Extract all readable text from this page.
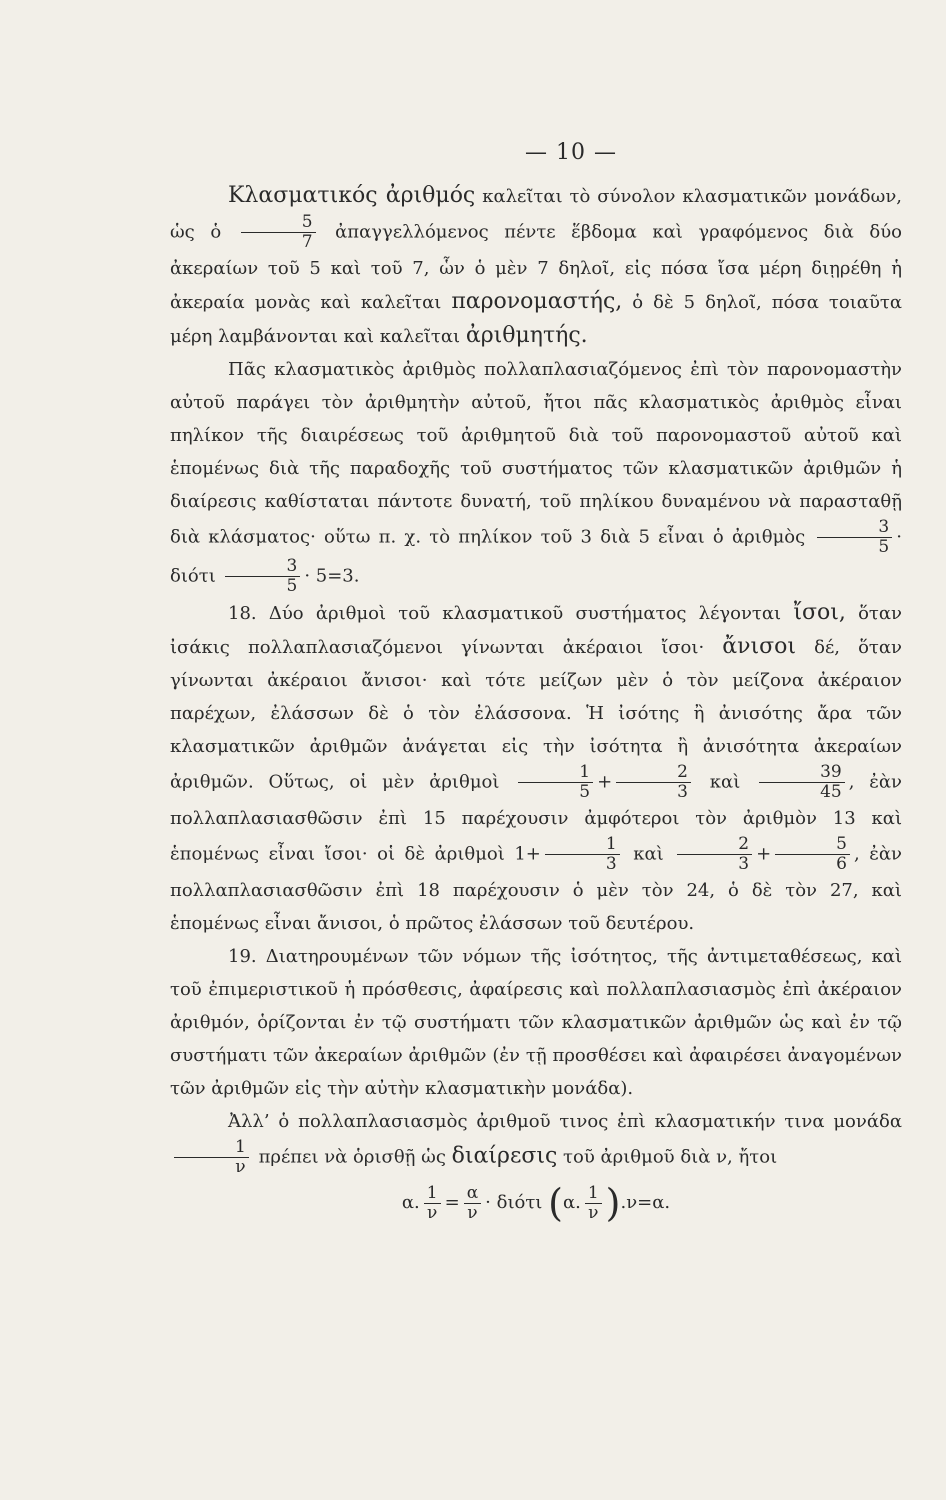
— 10 —

Κλασματικός ἀριθμός καλεῖται τὸ σύνολον κλασματικῶν μονάδων, ὡς ὁ $\frac{5}{7}$ ἀπαγγελλόμενος πέντε ἕβδομα καὶ γραφόμενος διὰ δύο ἀκεραίων τοῦ 5 καὶ τοῦ 7, ὧν ὁ μὲν 7 δηλοῖ, εἰς πόσα ἴσα μέρη διῃρέθη ἡ ἀκεραία μονὰς καὶ καλεῖται παρονομαστής, ὁ δὲ 5 δηλοῖ, πόσα τοιαῦτα μέρη λαμβάνονται καὶ καλεῖται ἀριθμητής.

Πᾶς κλασματικὸς ἀριθμὸς πολλαπλασιαζόμενος ἐπὶ τὸν παρονομαστὴν αὐτοῦ παράγει τὸν ἀριθμητὴν αὐτοῦ, ἤτοι πᾶς κλασματικὸς ἀριθμὸς εἶναι πηλίκον τῆς διαιρέσεως τοῦ ἀριθμητοῦ διὰ τοῦ παρονομαστοῦ αὐτοῦ καὶ ἑπομένως διὰ τῆς παραδοχῆς τοῦ συστήματος τῶν κλασματικῶν ἀριθμῶν ἡ διαίρεσις καθίσταται πάντοτε δυνατή, τοῦ πηλίκου δυναμένου νὰ παρασταθῇ διὰ κλάσματος· οὕτω π. χ. τὸ πηλίκον τοῦ 3 διὰ 5 εἶναι ὁ ἀριθμὸς $\frac{3}{5} \cdot \delta\iota ό\tau\iota \frac{3}{5} \cdot 5=3$.

18. Δύο ἀριθμοὶ τοῦ κλασματικοῦ συστήματος λέγονται ἴσοι, ὅταν ἰσάκις πολλαπλασιαζόμενοι γίνωνται ἀκέραιοι ἴσοι· ἄνισοι δέ, ὅταν γίνωνται ἀκέραιοι ἄνισοι· καὶ τότε μείζων μὲν ὁ τὸν μείζονα ἀκέραιον παρέχων, ἐλάσσων δὲ ὁ τὸν ἐλάσσονα. Ἡ ἰσότης ἢ ἀνισότης ἄρα τῶν κλασματικῶν ἀριθμῶν ἀνάγεται εἰς τὴν ἰσότητα ἢ ἀνισότητα ἀκεραίων ἀριθμῶν. Οὕτως, οἱ μὲν ἀριθμοὶ $\frac{1}{5} + \frac{2}{3}$ καὶ $\frac{39}{45}$ , ἐὰν πολλαπλασιασθῶσιν ἐπὶ 15 παρέχουσιν ἀμφότεροι τὸν ἀριθμὸν 13 καὶ ἑπομένως εἶναι ἴσοι· οἱ δὲ ἀριθμοὶ $1+ \frac{1}{3}$ καὶ $\frac{2}{3} + \frac{5}{6}$ , ἐὰν πολλαπλασιασθῶσιν ἐπὶ 18 παρέχουσιν ὁ μὲν τὸν 24, ὁ δὲ τὸν 27, καὶ ἑπομένως εἶναι ἄνισοι, ὁ πρῶτος ἐλάσσων τοῦ δευτέρου.

19. Διατηρουμένων τῶν νόμων τῆς ἰσότητος, τῆς ἀντιμεταθέσεως, καὶ τοῦ ἐπιμεριστικοῦ ἡ πρόσθεσις, ἀφαίρεσις καὶ πολλαπλασιασμὸς ἐπὶ ἀκέραιον ἀριθμόν, ὁρίζονται ἐν τῷ συστήματι τῶν κλασματικῶν ἀριθμῶν ὡς καὶ ἐν τῷ συστήματι τῶν ἀκεραίων ἀριθμῶν (ἐν τῇ προσθέσει καὶ ἀφαιρέσει ἀναγομένων τῶν ἀριθμῶν εἰς τὴν αὐτὴν κλασματικὴν μονάδα).

Ἀλλ’ ὁ πολλαπλασιασμὸς ἀριθμοῦ τινος ἐπὶ κλασματικήν τινα μονάδα
$\frac{1}{\nu}$ πρέπει νὰ ὁρισθῇ ὡς διαίρεσις τοῦ ἀριθμοῦ διὰ ν, ἤτοι

α. $\frac{1}{\nu} = \frac{\alpha}{\nu} \cdot \delta\iota ό\tau\iota$ (α. $\frac{1}{\nu} ).\nu=\alpha$.
